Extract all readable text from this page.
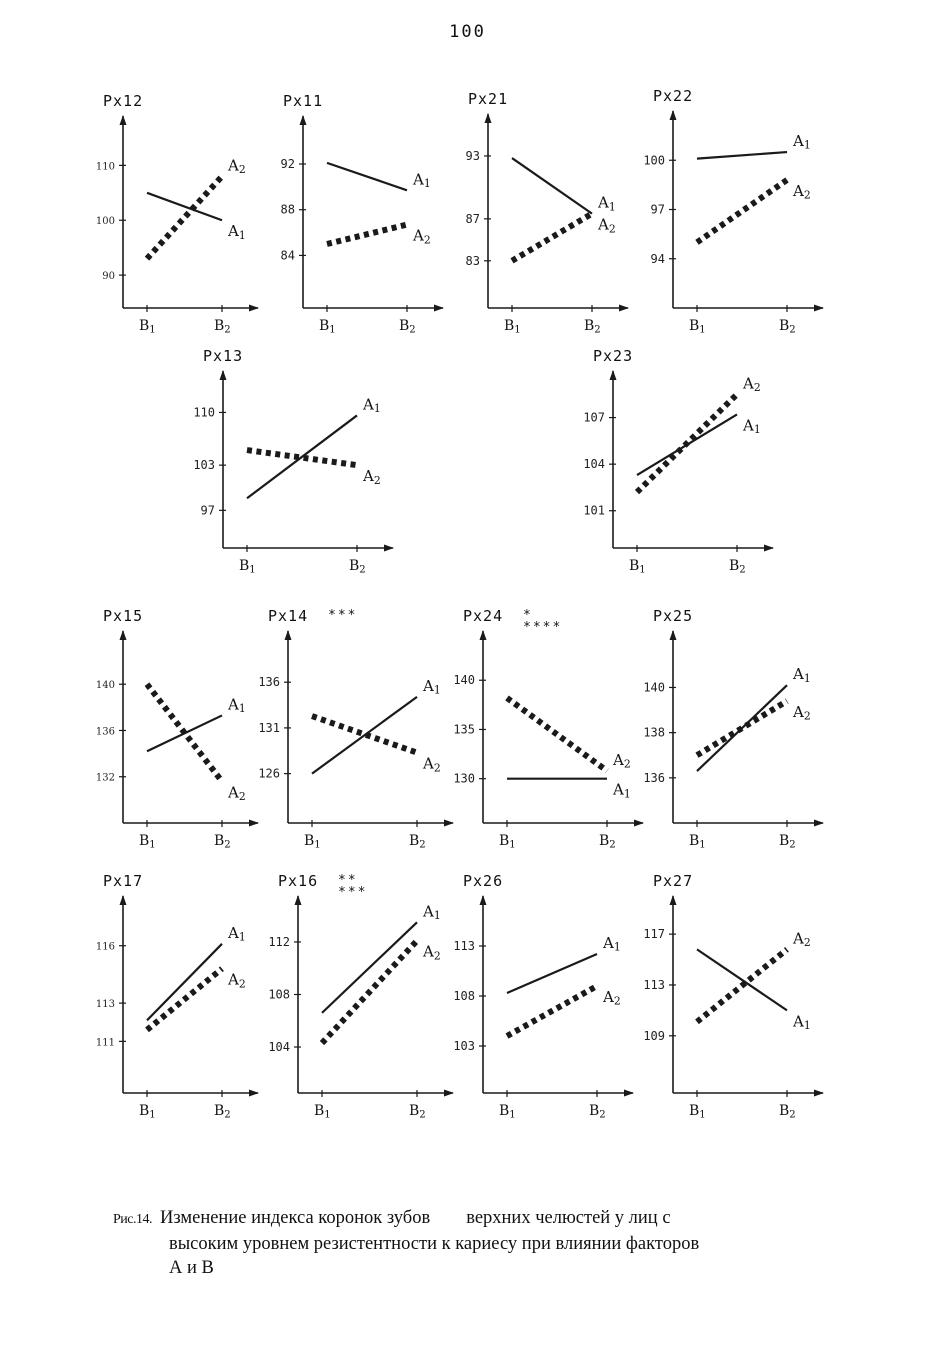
100
Px12
90
100
110
B1	B2
A1
A2
Px11
84
88
92
B1	B2
A1
A2
Px21
83
87
93
B1	B2
A1
A2
Px22
94
97
100
B1	B2
A1
A2
Px13
97
103
110
B1	B2
A1
A2
Px23
101
104
107
B1	B2
A1
A2
Px15
132
136
140
B1	B2
A1
A2
Px14 ***
126
131
136
B1	B2
A1
A2
Px24 *
****
130
135
140
B1	B2
A1
A2
Px25
136
138
140
B1	B2
A1
A2
Px17
111
113
116
B1	B2
A1
A2
Px16 **
***
104
108
112
B1	B2
A1
A2
Px26
103
108
113
B1	B2
A1
A2
Px27
109
113
117
B1	B2
A1
A2
Рис.14. Изменение индекса коронок зубов верхних челюстей у лиц с
высоким уровнем резистентности к кариесу при влиянии факторов
А и В
